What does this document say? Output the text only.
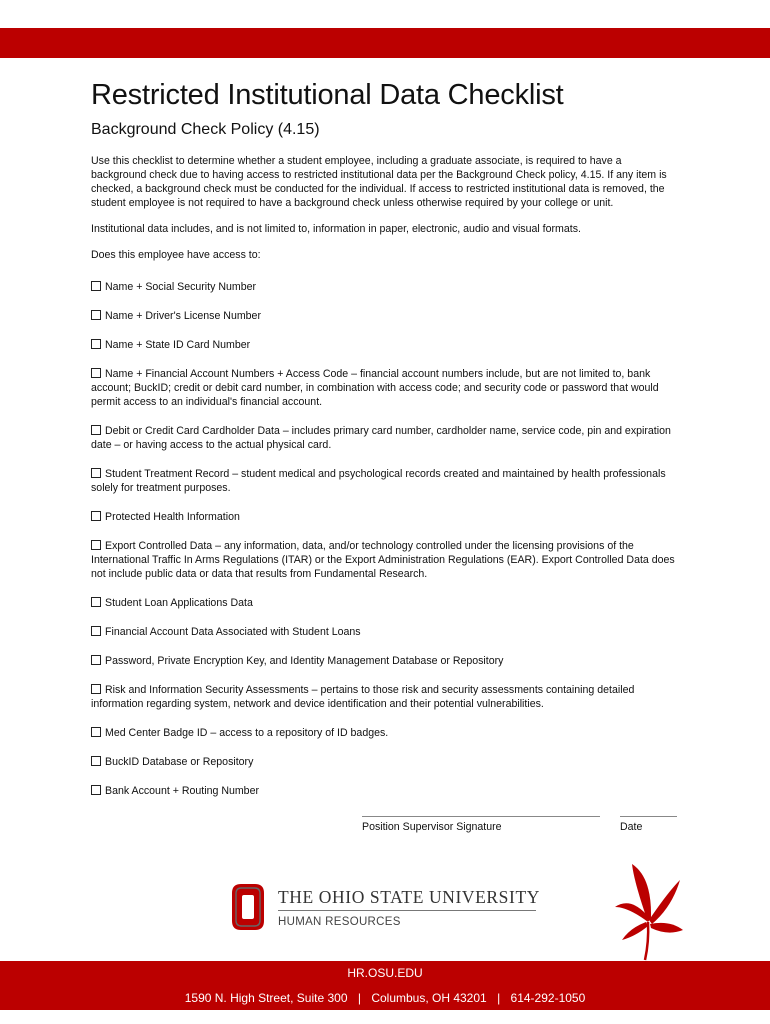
Restricted Institutional Data Checklist
Background Check Policy (4.15)

Use this checklist to determine whether a student employee, including a graduate associate, is required to have a background check due to having access to restricted institutional data per the Background Check policy, 4.15. If any item is checked, a background check must be conducted for the individual. If access to restricted institutional data is removed, the student employee is not required to have a background check unless otherwise required by your college or unit.

Institutional data includes, and is not limited to, information in paper, electronic, audio and visual formats.

Does this employee have access to:

Name + Social Security Number

Name + Driver's License Number

Name + State ID Card Number

Name + Financial Account Numbers + Access Code – financial account numbers include, but are not limited to, bank account; BuckID; credit or debit card number, in combination with access code; and security code or password that would permit access to an individual's financial account.

Debit or Credit Card Cardholder Data – includes primary card number, cardholder name, service code, pin and expiration date – or having access to the actual physical card.

Student Treatment Record – student medical and psychological records created and maintained by health professionals solely for treatment purposes.

Protected Health Information

Export Controlled Data – any information, data, and/or technology controlled under the licensing provisions of the International Traffic In Arms Regulations (ITAR) or the Export Administration Regulations (EAR). Export Controlled Data does not include public data or data that results from Fundamental Research.

Student Loan Applications Data

Financial Account Data Associated with Student Loans

Password, Private Encryption Key, and Identity Management Database or Repository

Risk and Information Security Assessments – pertains to those risk and security assessments containing detailed information regarding system, network and device identification and their potential vulnerabilities.

Med Center Badge ID – access to a repository of ID badges.

BuckID Database or Repository

Bank Account + Routing Number

Position Supervisor Signature	Date
THE OHIO STATE UNIVERSITY
HUMAN RESOURCES
HR.OSU.EDU
1590 N. High Street, Suite 300 | Columbus, OH 43201 | 614-292-1050
